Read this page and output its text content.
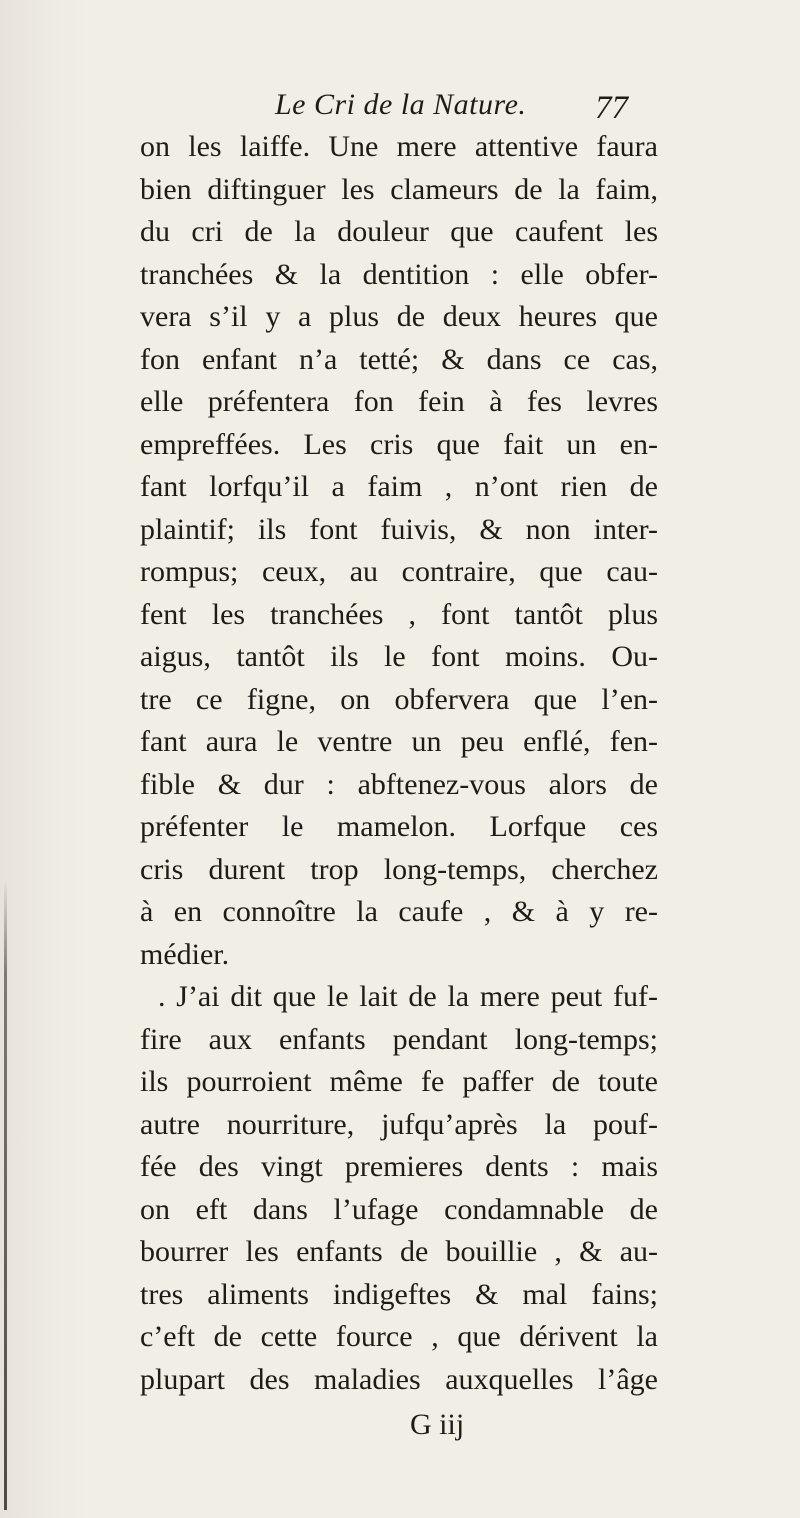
Le Cri de la Nature. 77
on les laiffe. Une mere attentive faura
bien diftinguer les clameurs de la faim,
du cri de la douleur que caufent les
tranchées & la dentition : elle obfer-
vera s’il y a plus de deux heures que
fon enfant n’a tetté; & dans ce cas,
elle préfentera fon fein à fes levres
empreffées. Les cris que fait un en-
fant lorfqu’il a faim , n’ont rien de
plaintif; ils font fuivis, & non inter-
rompus; ceux, au contraire, que cau-
fent les tranchées , font tantôt plus
aigus, tantôt ils le font moins. Ou-
tre ce figne, on obfervera que l’en-
fant aura le ventre un peu enflé, fen-
fible & dur : abftenez-vous alors de
préfenter le mamelon. Lorfque ces
cris durent trop long-temps, cherchez
à en connoître la caufe , & à y re-
médier.
. J’ai dit que le lait de la mere peut fuf-
fire aux enfants pendant long-temps;
ils pourroient même fe paffer de toute
autre nourriture, jufqu’après la pouf-
fée des vingt premieres dents : mais
on eft dans l’ufage condamnable de
bourrer les enfants de bouillie , & au-
tres aliments indigeftes & mal fains;
c’eft de cette fource , que dérivent la
plupart des maladies auxquelles l’âge
G iij
